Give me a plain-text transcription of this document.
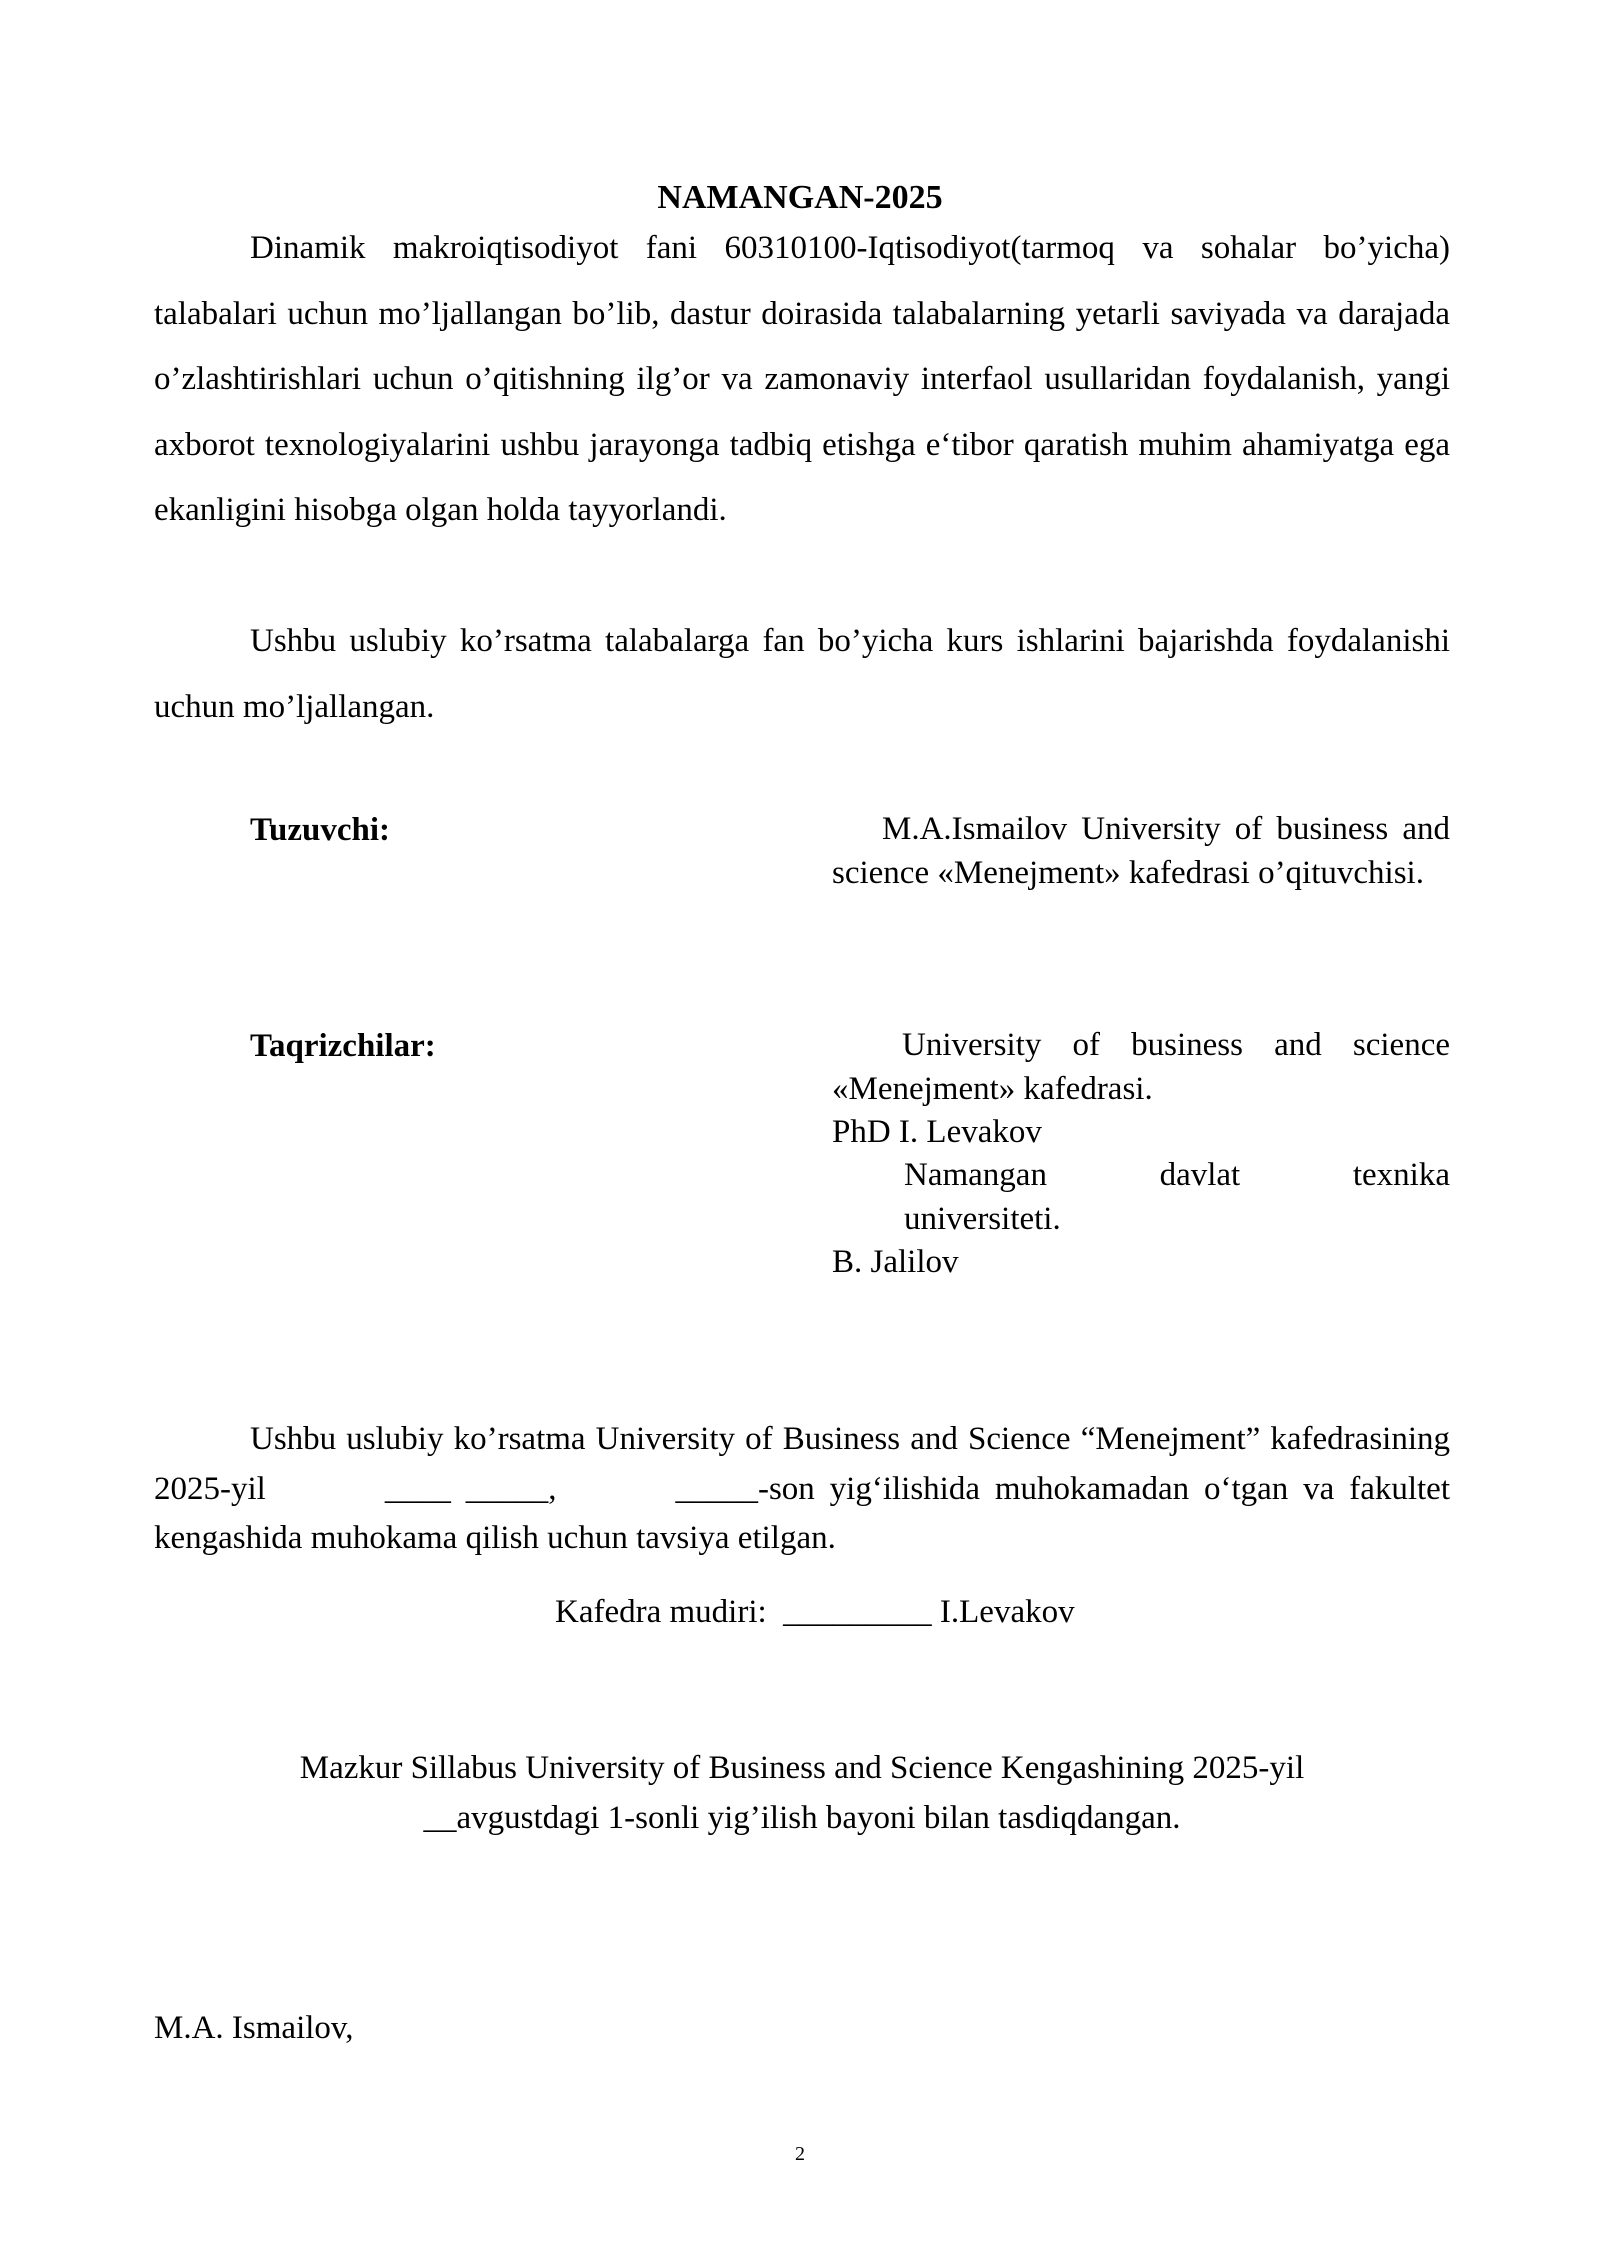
NAMANGAN-2025

Dinamik makroiqtisodiyot fani 60310100-Iqtisodiyot(tarmoq va sohalar bo’yicha) talabalari uchun mo’ljallangan bo’lib, dastur doirasida talabalarning yetarli saviyada va darajada o’zlashtirishlari uchun o’qitishning ilg’or va zamonaviy interfaol usullaridan foydalanish, yangi axborot texnologiyalarini ushbu jarayonga tadbiq etishga e‘tibor qaratish muhim ahamiyatga ega ekanligini hisobga olgan holda tayyorlandi.

Ushbu uslubiy ko’rsatma talabalarga fan bo’yicha kurs ishlarini bajarishda foydalanishi uchun mo’ljallangan.

Tuzuvchi:	M.A.Ismailov University of business and science «Menejment» kafedrasi o’qituvchisi.

Taqrizchilar:	University of business and science «Menejment» kafedrasi.

PhD I. Levakov
Namangan davlat texnika
universiteti.
B. Jalilov

Ushbu uslubiy ko’rsatma University of Business and Science “Menejment” kafedrasining 2025-yil        ____ _____,        _____-son yig‘ilishida muhokamadan o‘tgan va fakultet kengashida muhokama qilish uchun tavsiya etilgan.

Kafedra mudiri:  _________ I.Levakov
Mazkur Sillabus University of Business and Science Kengashining 2025-yil
__avgustdagi 1-sonli yig’ilish bayoni bilan tasdiqdangan.
M.A. Ismailov,
2
